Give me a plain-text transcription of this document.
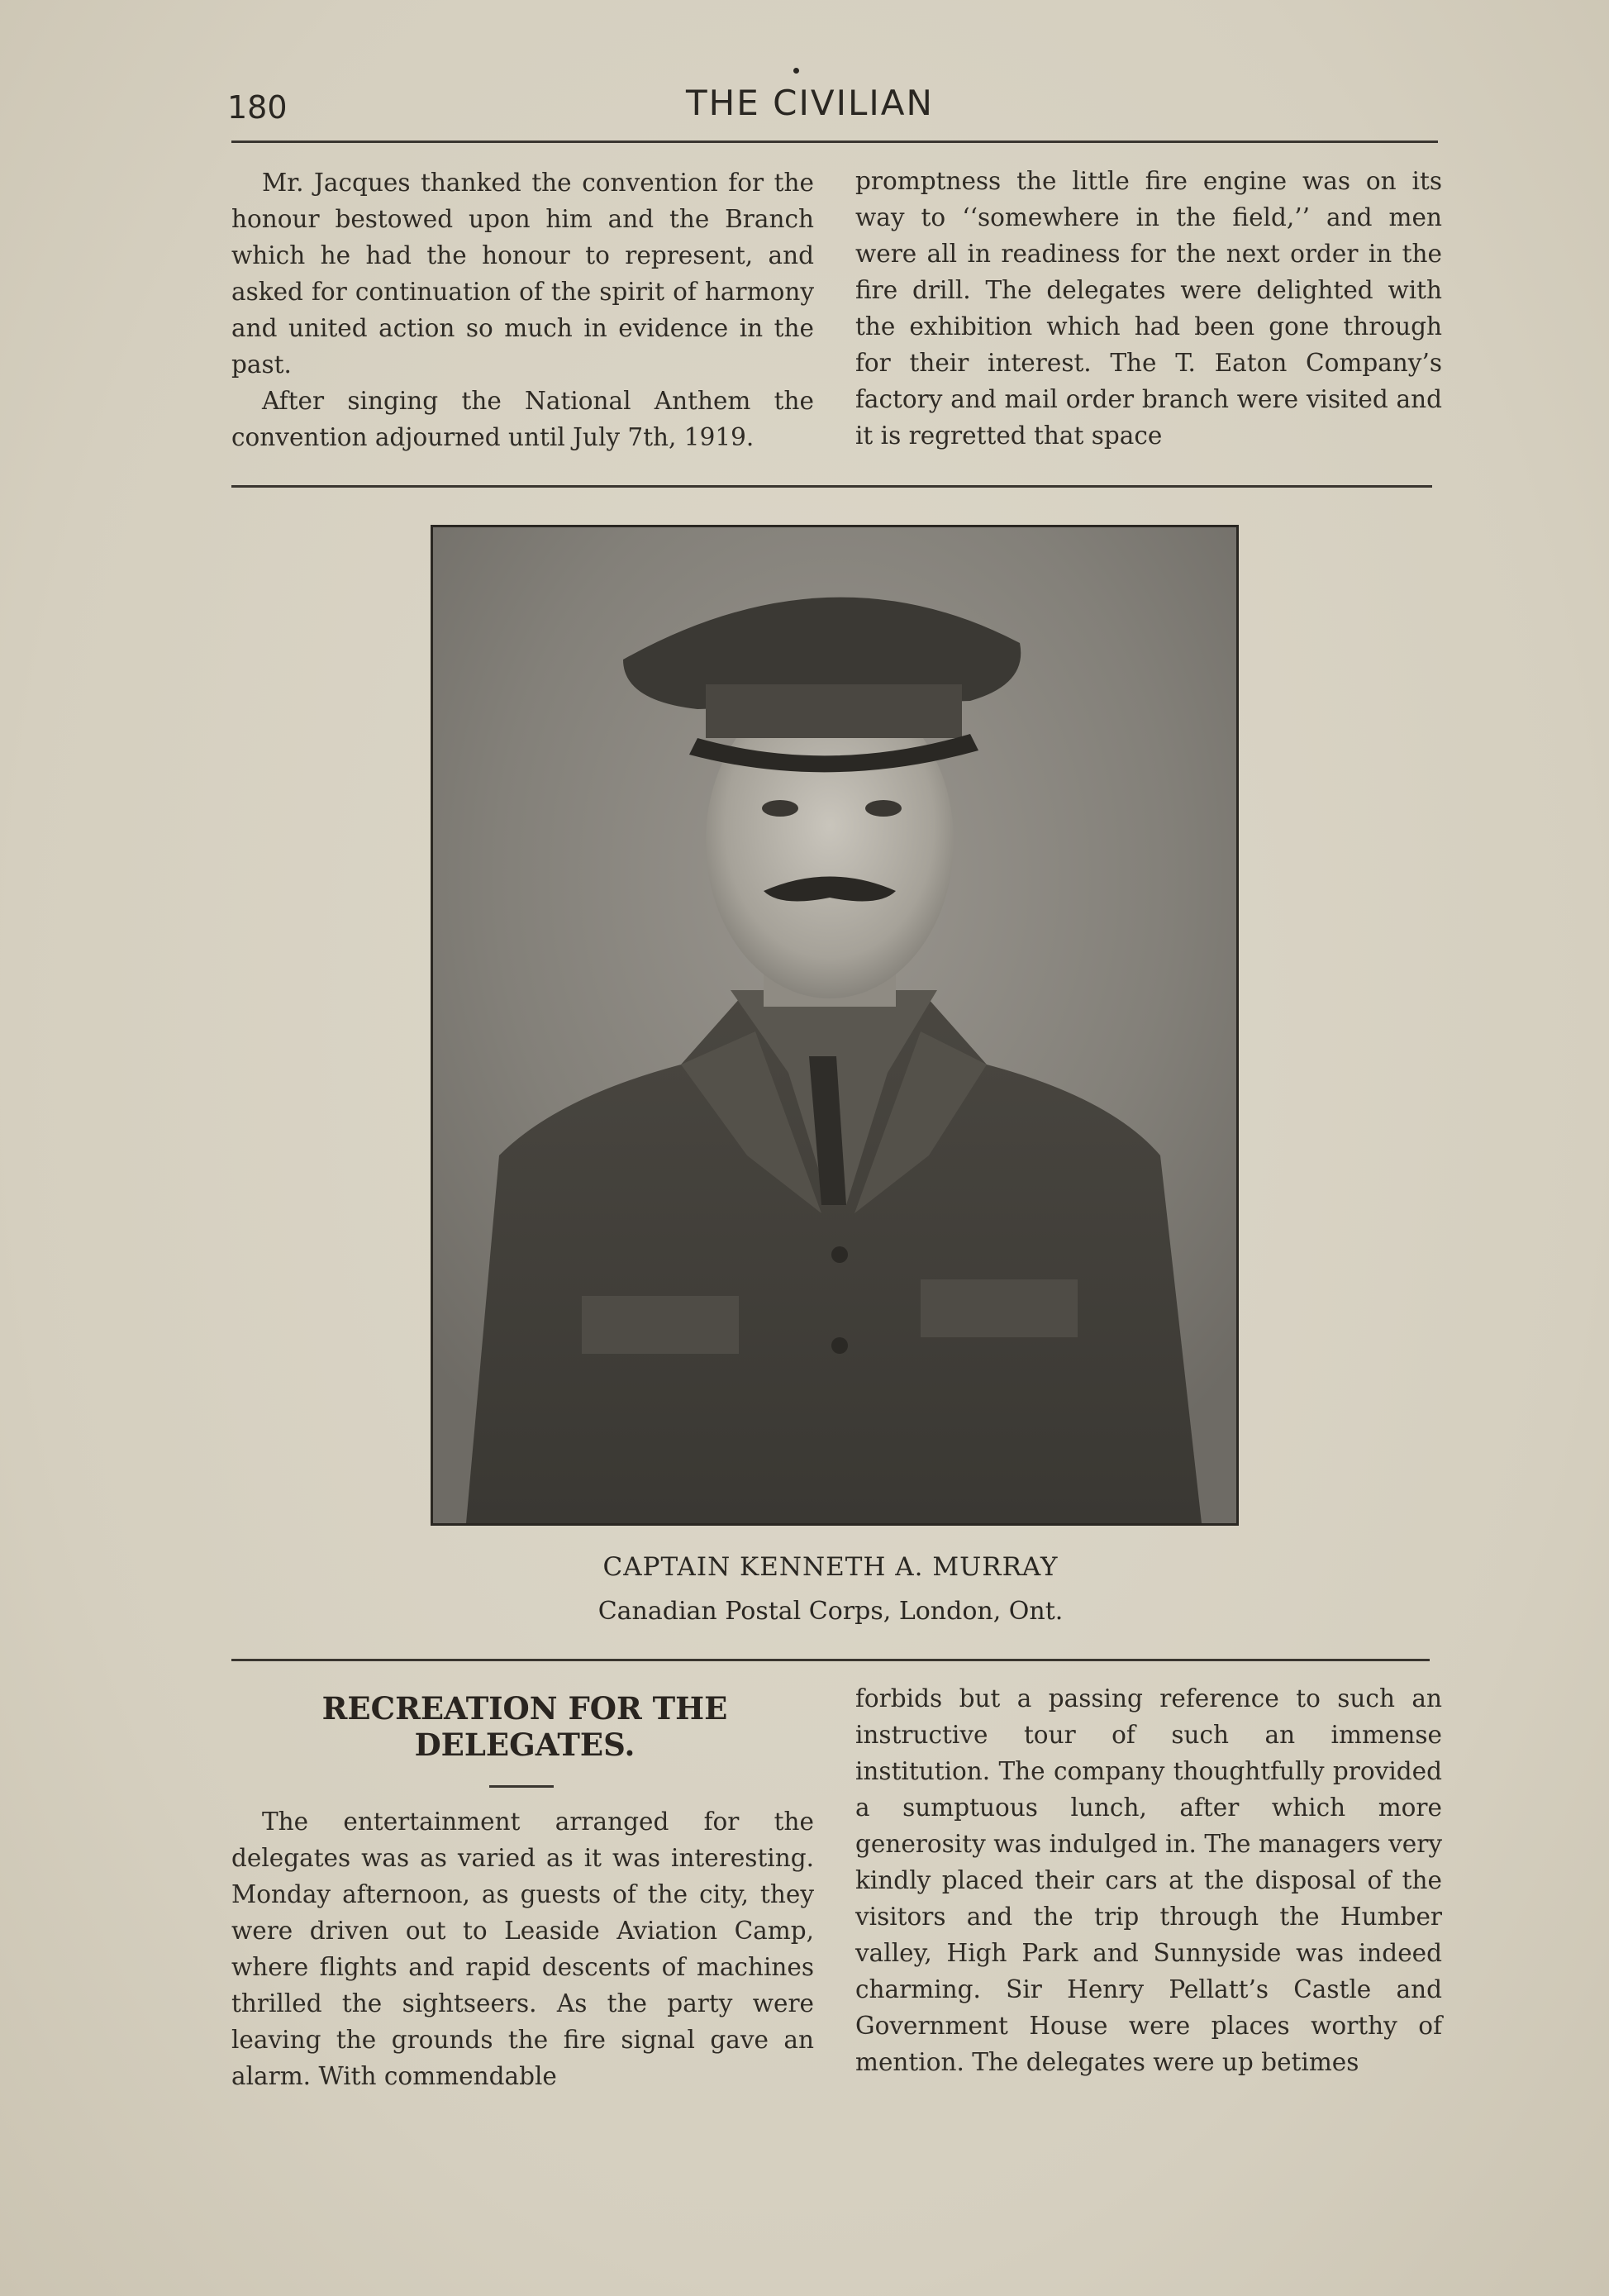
180	THE CIVILIAN

Mr. Jacques thanked the convention for the honour bestowed upon him and the Branch which he had the honour to represent, and asked for continuation of the spirit of harmony and united action so much in evidence in the past.

After singing the National Anthem the convention adjourned until July 7th, 1919.

promptness the little fire engine was on its way to ‘‘somewhere in the field,’’ and men were all in readiness for the next order in the fire drill. The delegates were delighted with the exhibition which had been gone through for their interest. The T. Eaton Company’s factory and mail order branch were visited and it is regretted that space

CAPTAIN KENNETH A. MURRAY
Canadian Postal Corps, London, Ont.
RECREATION FOR THE DELEGATES.

The entertainment arranged for the delegates was as varied as it was interesting. Monday afternoon, as guests of the city, they were driven out to Leaside Aviation Camp, where flights and rapid descents of machines thrilled the sightseers. As the party were leaving the grounds the fire signal gave an alarm. With commendable

forbids but a passing reference to such an instructive tour of such an immense institution. The company thoughtfully provided a sumptuous lunch, after which more generosity was indulged in. The managers very kindly placed their cars at the disposal of the visitors and the trip through the Humber valley, High Park and Sunnyside was indeed charming. Sir Henry Pellatt’s Castle and Government House were places worthy of mention. The delegates were up betimes
